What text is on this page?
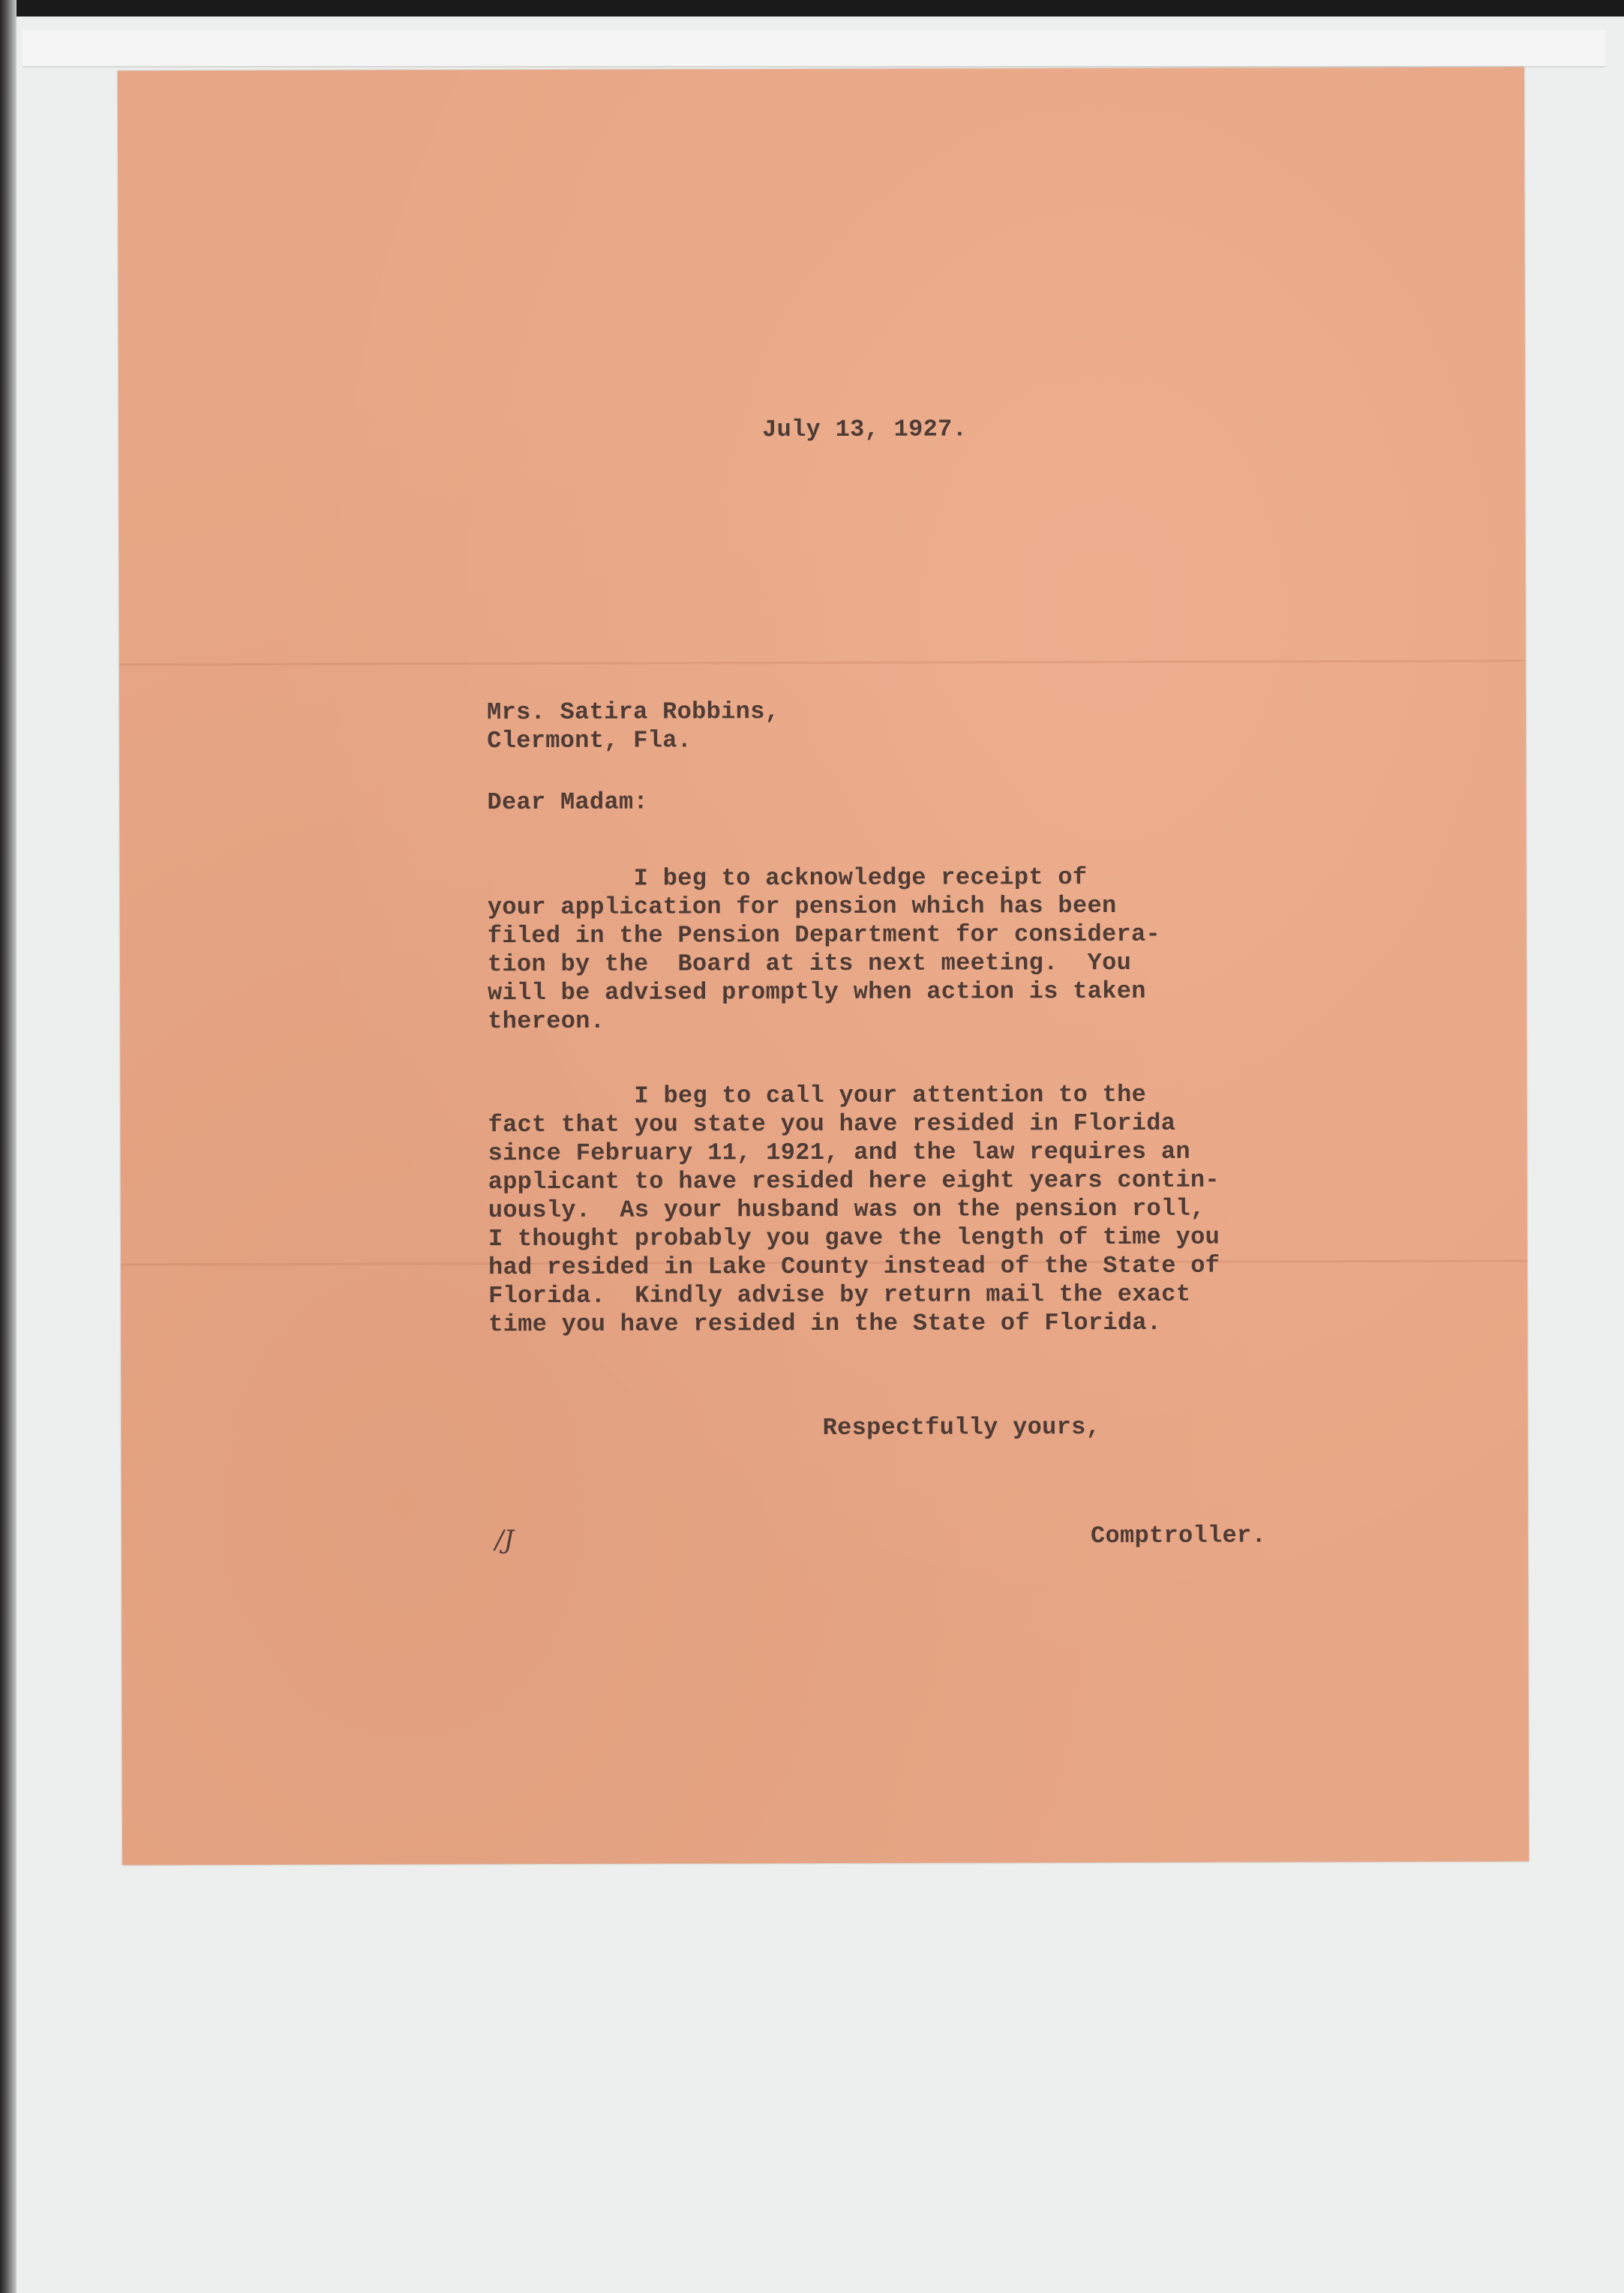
July 13, 1927.
Mrs. Satira Robbins,
Clermont, Fla.
Dear Madam:
I beg to acknowledge receipt of
your application for pension which has been
filed in the Pension Department for considera-
tion by the  Board at its next meeting.  You
will be advised promptly when action is taken
thereon.
I beg to call your attention to the
fact that you state you have resided in Florida
since February 11, 1921, and the law requires an
applicant to have resided here eight years contin-
uously.  As your husband was on the pension roll,
I thought probably you gave the length of time you
had resided in Lake County instead of the State of
Florida.  Kindly advise by return mail the exact
time you have resided in the State of Florida.
Respectfully yours,
/J	Comptroller.
